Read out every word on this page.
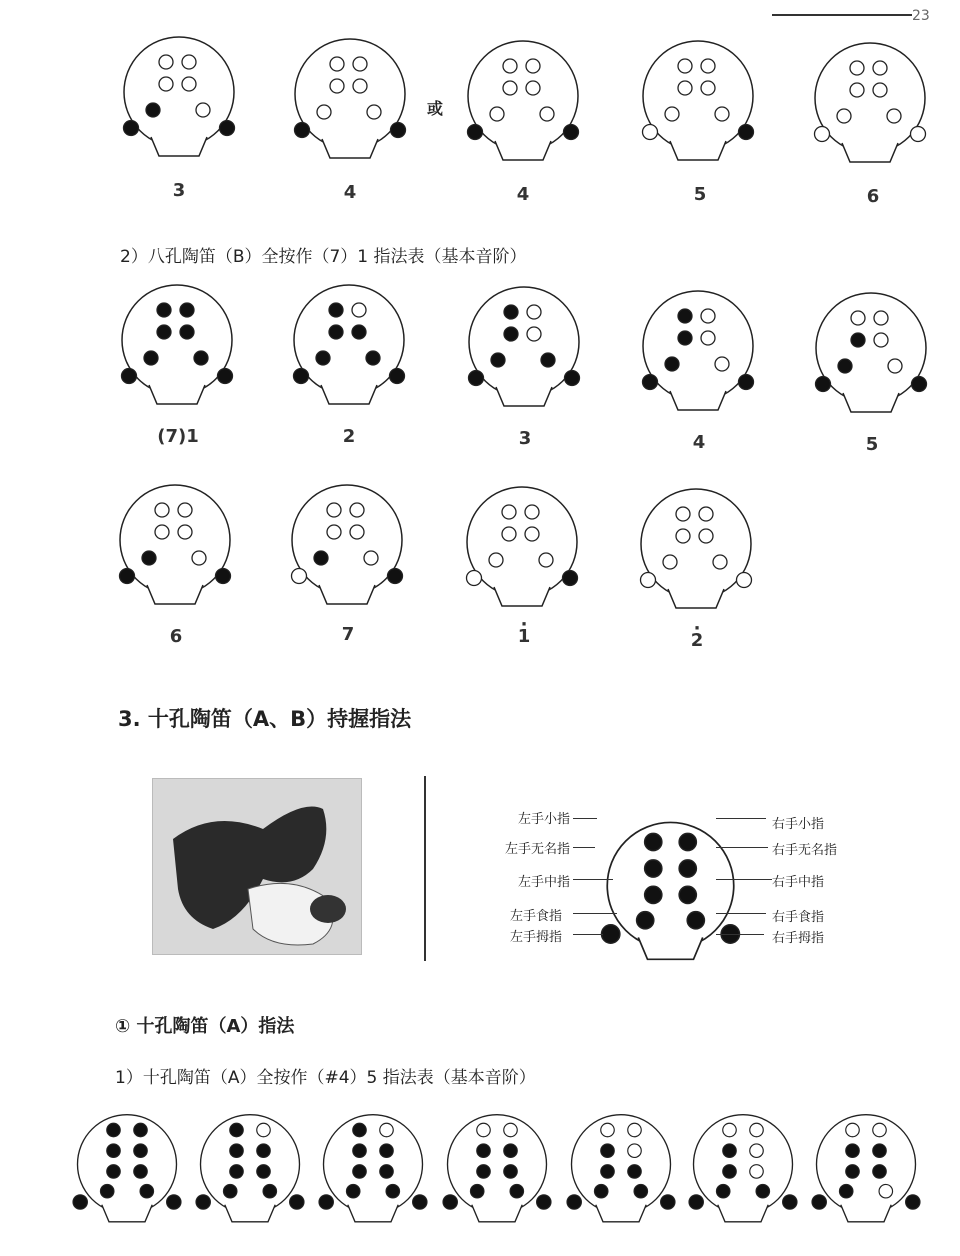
23
或
3	4	4	5	6
2）八孔陶笛（B）全按作（7）1 指法表（基本音阶）
(7)1	2	3	4	5
6	7	· 1	· 2
3. 十孔陶笛（A、B）持握指法
左手小指
左手无名指
左手中指
左手食指
左手拇指
右手小指
右手无名指
右手中指
右手食指
右手拇指
① 十孔陶笛（A）指法
1）十孔陶笛（A）全按作（#4）5 指法表（基本音阶）
